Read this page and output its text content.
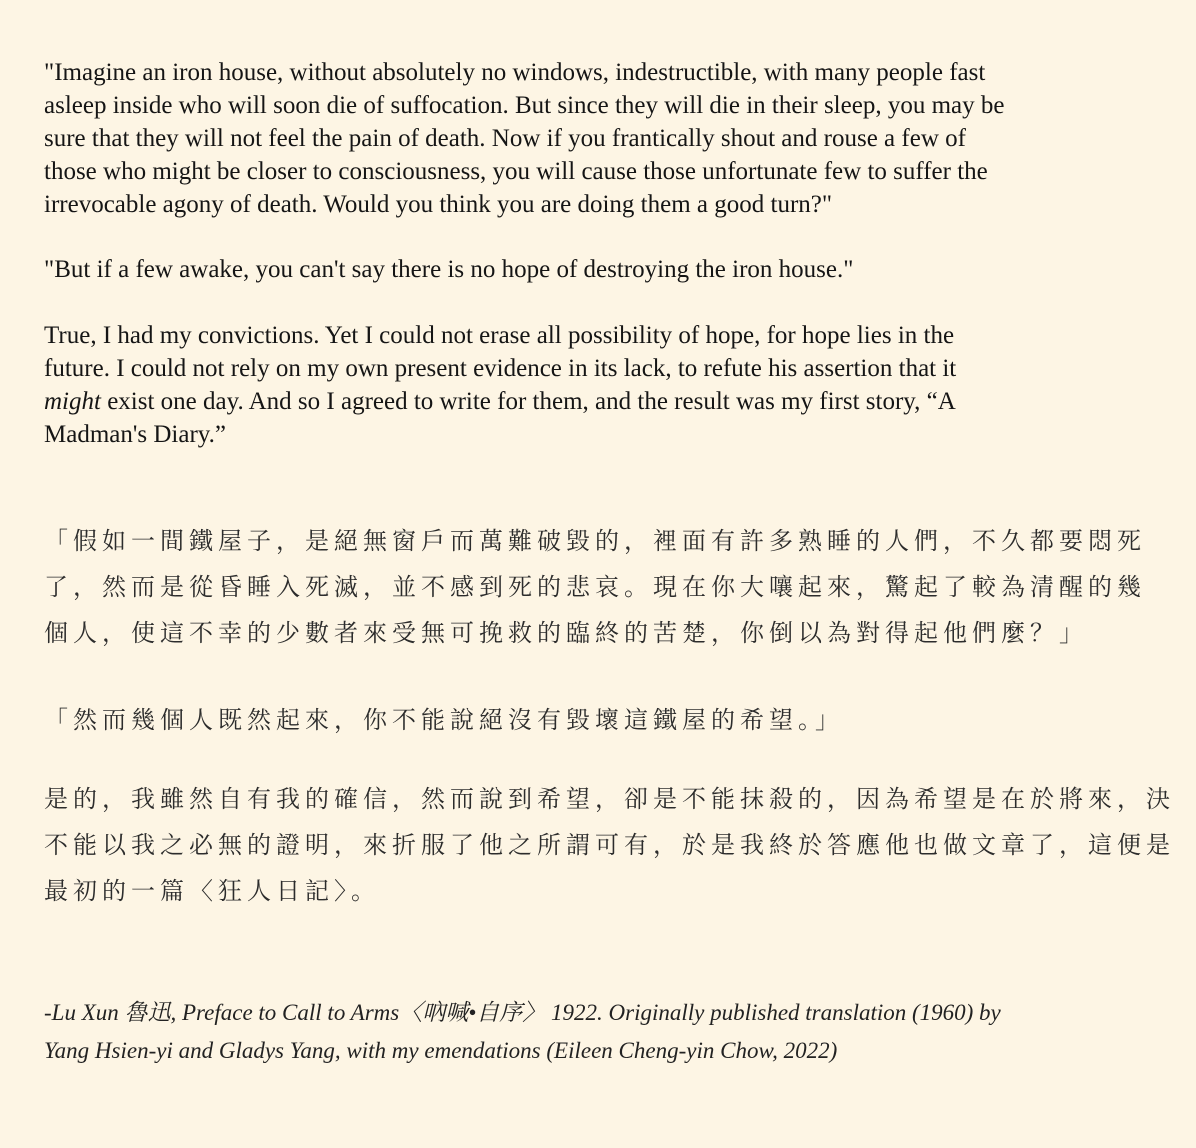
"Imagine an iron house, without absolutely no windows, indestructible, with many people fast
asleep inside who will soon die of suffocation. But since they will die in their sleep, you may be
sure that they will not feel the pain of death. Now if you frantically shout and rouse a few of
those who might be closer to consciousness, you will cause those unfortunate few to suffer the
irrevocable agony of death. Would you think you are doing them a good turn?"

"But if a few awake, you can't say there is no hope of destroying the iron house."

True, I had my convictions. Yet I could not erase all possibility of hope, for hope lies in the
future. I could not rely on my own present evidence in its lack, to refute his assertion that it
might exist one day. And so I agreed to write for them, and the result was my first story, “A
Madman's Diary.”

「假如一間鐵屋子，是絕無窗戶而萬難破毀的，裡面有許多熟睡的人們，不久都要悶死
了，然而是從昏睡入死滅，並不感到死的悲哀。現在你大嚷起來，驚起了較為清醒的幾
個人，使這不幸的少數者來受無可挽救的臨終的苦楚，你倒以為對得起他們麼？」

「然而幾個人既然起來，你不能說絕沒有毀壞這鐵屋的希望。」

是的，我雖然自有我的確信，然而說到希望，卻是不能抹殺的，因為希望是在於將來，決
不能以我之必無的證明，來折服了他之所謂可有，於是我終於答應他也做文章了，這便是
最初的一篇〈狂人日記〉。

-Lu Xun 魯迅, Preface to Call to Arms〈吶喊•自序〉 1922. Originally published translation (1960) by
Yang Hsien-yi and Gladys Yang, with my emendations (Eileen Cheng-yin Chow, 2022)
